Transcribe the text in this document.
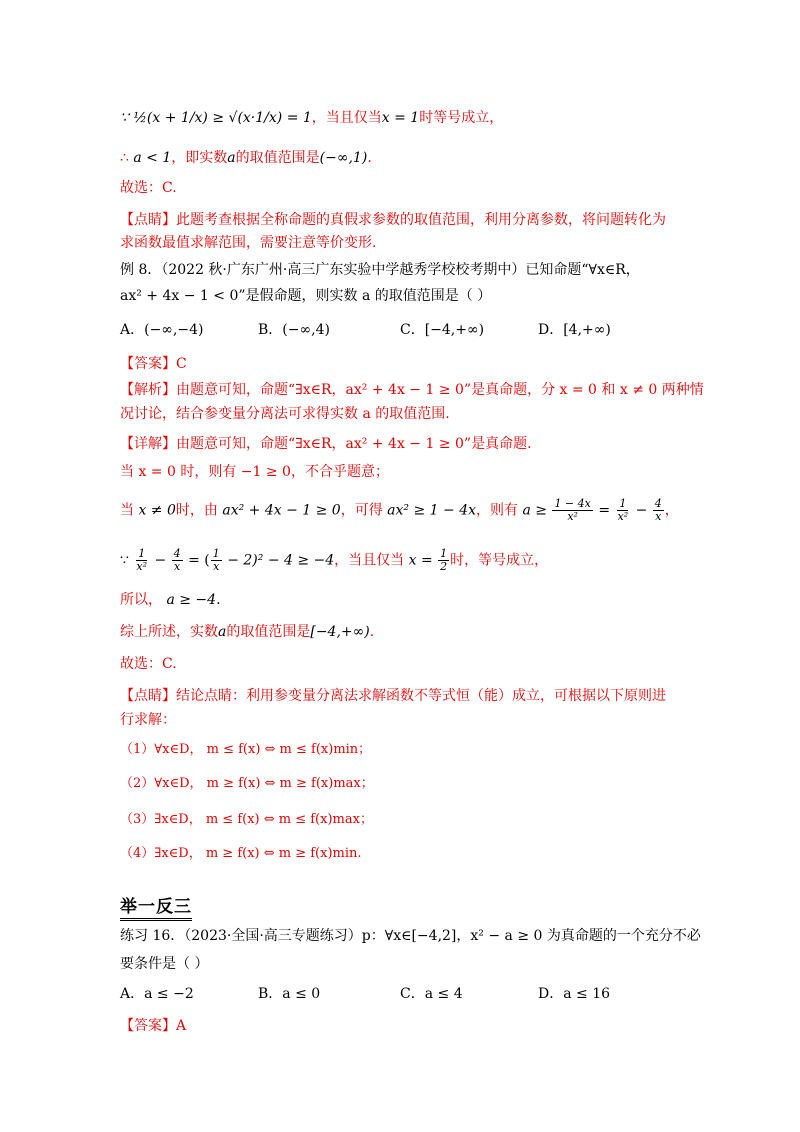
∵ ½(x + 1/x) ≥ √(x·1/x) = 1，当且仅当x = 1时等号成立，
∴ a < 1，即实数a的取值范围是(−∞,1).
故选：C.
【点睛】此题考查根据全称命题的真假求参数的取值范围，利用分离参数，将问题转化为
求函数最值求解范围，需要注意等价变形.
例 8．（2022 秋·广东广州·高三广东实验中学越秀学校校考期中）已知命题“∀x∈R，
ax² + 4x − 1 < 0”是假命题，则实数 a 的取值范围是（ ）
A．(−∞,−4)	B．(−∞,4)	C．[−4,+∞)	D．[4,+∞)
【答案】C
【解析】由题意可知，命题“∃x∈R，ax² + 4x − 1 ≥ 0”是真命题，分 x = 0 和 x ≠ 0 两种情
况讨论，结合参变量分离法可求得实数 a 的取值范围.
【详解】由题意可知，命题“∃x∈R，ax² + 4x − 1 ≥ 0”是真命题.
当 x = 0 时，则有 −1 ≥ 0，不合乎题意；
当 x ≠ 0时，由 ax² + 4x − 1 ≥ 0，可得 ax² ≥ 1 − 4x，则有 $a \ge \frac{1 - 4x}{\text{x²}} = \frac{1}{\text{x²}} - \frac{4}{x}$ ，
∵ $\frac{1}{\text{x²}} - \frac{4}{x}$ = ( $\frac{1}{x} - 2)^2 - 4 \ge -4$，当且仅当 $x = \frac{1}{2}$ 时，等号成立，
所以， a ≥ −4.
综上所述，实数a的取值范围是[−4,+∞).
故选：C.
【点睛】结论点睛：利用参变量分离法求解函数不等式恒（能）成立，可根据以下原则进
行求解：
（1）∀x∈D， m ≤ f(x) ⇔ m ≤ f(x)min；
（2）∀x∈D， m ≥ f(x) ⇔ m ≥ f(x)max；
（3）∃x∈D， m ≤ f(x) ⇔ m ≤ f(x)max；
（4）∃x∈D， m ≥ f(x) ⇔ m ≥ f(x)min.
举一反三
练习 16．（2023·全国·高三专题练习）p：∀x∈[−4,2]，x² − a ≥ 0 为真命题的一个充分不必
要条件是（ ）
A．a ≤ −2	B．a ≤ 0	C．a ≤ 4	D．a ≤ 16
【答案】A
